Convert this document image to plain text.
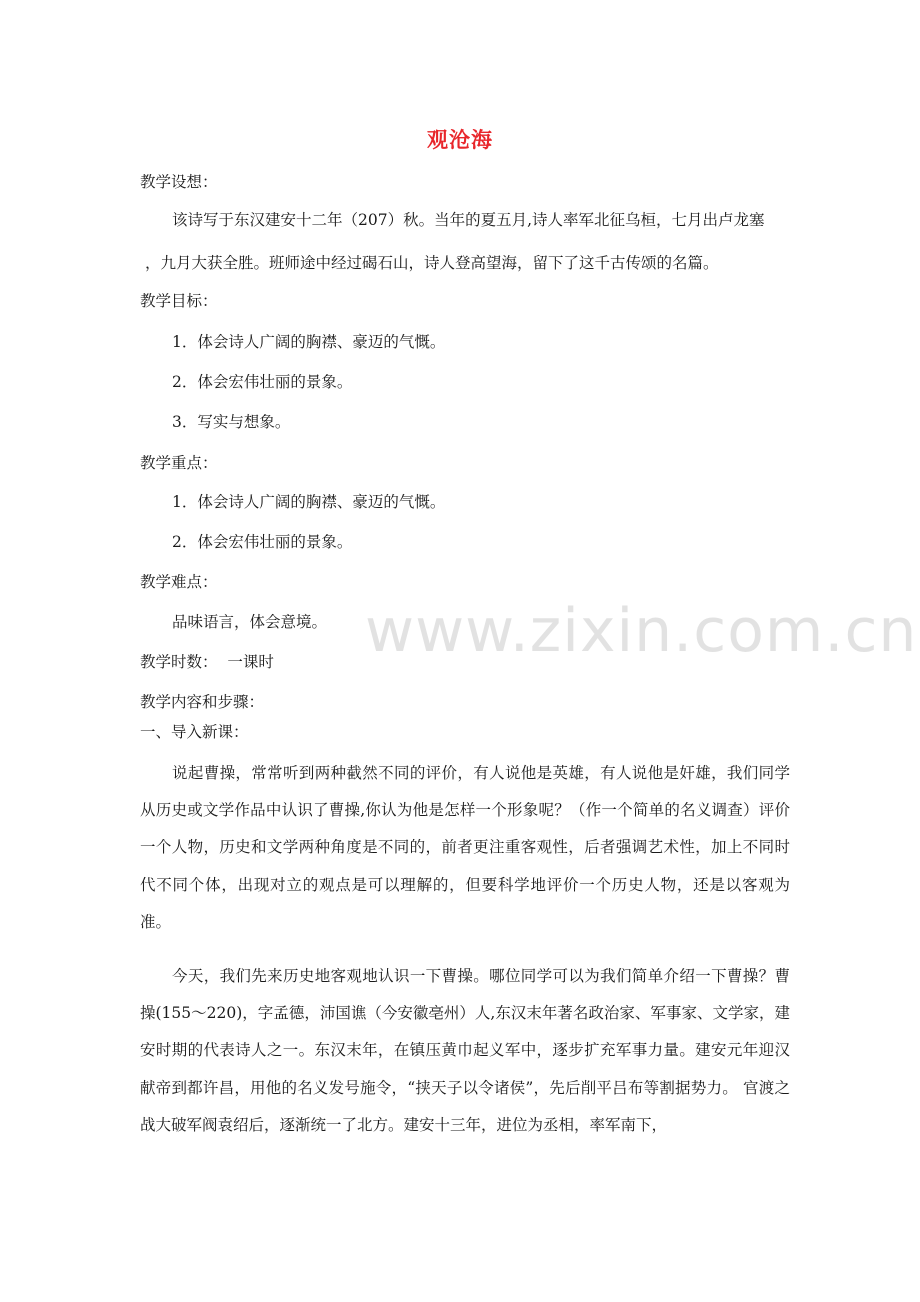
观沧海
教学设想：
该诗写于东汉建安十二年（207）秋。当年的夏五月,诗人率军北征乌桓，七月出卢龙塞
，九月大获全胜。班师途中经过碣石山，诗人登高望海，留下了这千古传颂的名篇。
教学目标：
1．体会诗人广阔的胸襟、豪迈的气慨。
2．体会宏伟壮丽的景象。
3．写实与想象。
教学重点：
1．体会诗人广阔的胸襟、豪迈的气慨。
2．体会宏伟壮丽的景象。
教学难点：
品味语言，体会意境。
教学时数：  一课时
教学内容和步骤：
一、导入新课：
说起曹操，常常听到两种截然不同的评价，有人说他是英雄，有人说他是奸雄，我们同学从历史或文学作品中认识了曹操,你认为他是怎样一个形象呢？（作一个简单的名义调查）评价一个人物，历史和文学两种角度是不同的，前者更注重客观性，后者强调艺术性，加上不同时代不同个体，出现对立的观点是可以理解的，但要科学地评价一个历史人物，还是以客观为准。
今天，我们先来历史地客观地认识一下曹操。哪位同学可以为我们简单介绍一下曹操？曹操(155～220)，字孟德，沛国谯（今安徽亳州）人,东汉末年著名政治家、军事家、文学家，建安时期的代表诗人之一。东汉末年，在镇压黄巾起义军中，逐步扩充军事力量。建安元年迎汉献帝到都许昌，用他的名义发号施令，“挟天子以令诸侯”，先后削平吕布等割据势力。 官渡之战大破军阀袁绍后，逐渐统一了北方。建安十三年，进位为丞相，率军南下，
www.zixin.com.cn
